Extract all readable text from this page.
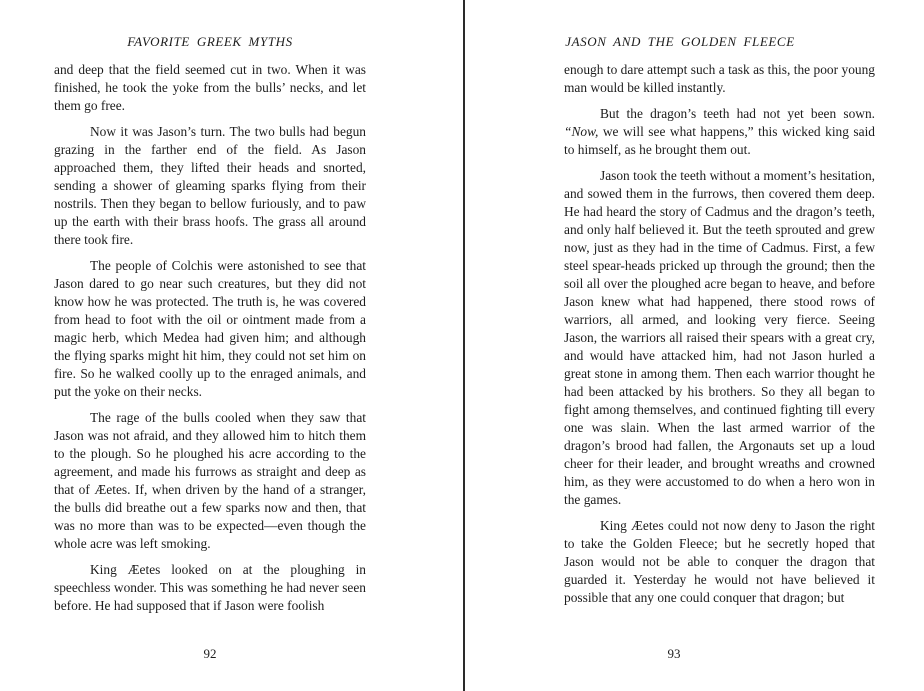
FAVORITE GREEK MYTHS

and deep that the field seemed cut in two. When it was finished, he took the yoke from the bulls’ necks, and let them go free.

Now it was Jason’s turn. The two bulls had begun grazing in the farther end of the field. As Jason approached them, they lifted their heads and snorted, sending a shower of gleaming sparks flying from their nostrils. Then they began to bellow furiously, and to paw up the earth with their brass hoofs. The grass all around there took fire.

The people of Colchis were astonished to see that Jason dared to go near such creatures, but they did not know how he was protected. The truth is, he was covered from head to foot with the oil or ointment made from a magic herb, which Medea had given him; and although the flying sparks might hit him, they could not set him on fire. So he walked coolly up to the enraged animals, and put the yoke on their necks.

The rage of the bulls cooled when they saw that Jason was not afraid, and they allowed him to hitch them to the plough. So he ploughed his acre according to the agreement, and made his furrows as straight and deep as that of Æetes. If, when driven by the hand of a stranger, the bulls did breathe out a few sparks now and then, that was no more than was to be expected—even though the whole acre was left smoking.

King Æetes looked on at the ploughing in speechless wonder. This was something he had never seen before. He had supposed that if Jason were foolish

92
JASON AND THE GOLDEN FLEECE

enough to dare attempt such a task as this, the poor young man would be killed instantly.

But the dragon’s teeth had not yet been sown. “Now, we will see what happens,” this wicked king said to himself, as he brought them out.

Jason took the teeth without a moment’s hesitation, and sowed them in the furrows, then covered them deep. He had heard the story of Cadmus and the dragon’s teeth, and only half believed it. But the teeth sprouted and grew now, just as they had in the time of Cadmus. First, a few steel spear-heads pricked up through the ground; then the soil all over the ploughed acre began to heave, and before Jason knew what had happened, there stood rows of warriors, all armed, and looking very fierce. Seeing Jason, the warriors all raised their spears with a great cry, and would have attacked him, had not Jason hurled a great stone in among them. Then each warrior thought he had been attacked by his brothers. So they all began to fight among themselves, and continued fighting till every one was slain. When the last armed warrior of the dragon’s brood had fallen, the Argonauts set up a loud cheer for their leader, and brought wreaths and crowned him, as they were accustomed to do when a hero won in the games.

King Æetes could not now deny to Jason the right to take the Golden Fleece; but he secretly hoped that Jason would not be able to conquer the dragon that guarded it. Yesterday he would not have believed it possible that any one could conquer that dragon; but

93
